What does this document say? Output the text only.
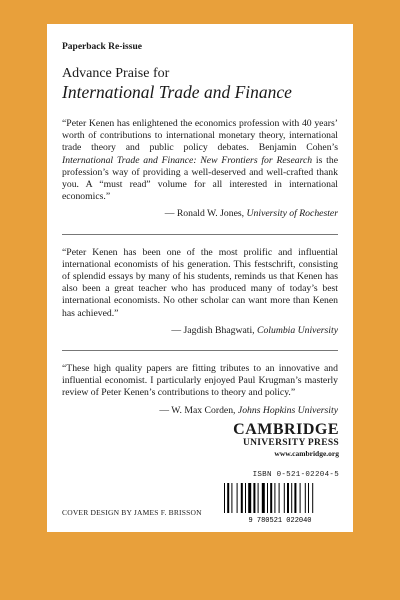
Paperback Re-issue

Advance Praise for

International Trade and Finance

“Peter Kenen has enlightened the economics profession with 40 years’ worth of contributions to international monetary theory, international trade theory and public policy debates. Benjamin Cohen’s International Trade and Finance: New Frontiers for Research is the profession’s way of providing a well-deserved and well-crafted thank you. A “must read” volume for all interested in international economics.”

— Ronald W. Jones, University of Rochester

“Peter Kenen has been one of the most prolific and influential international economists of his generation. This festschrift, consisting of splendid essays by many of his students, reminds us that Kenen has also been a great teacher who has produced many of today’s best international economists. No other scholar can want more than Kenen has achieved.”

— Jagdish Bhagwati, Columbia University

“These high quality papers are fitting tributes to an innovative and influential economist. I particularly enjoyed Paul Krugman’s masterly review of Peter Kenen’s contributions to theory and policy.”

— W. Max Corden, Johns Hopkins University

CAMBRIDGE
UNIVERSITY PRESS
www.cambridge.org
ISBN 0-521-02204-5
9 780521 022040
COVER DESIGN BY JAMES F. BRISSON
